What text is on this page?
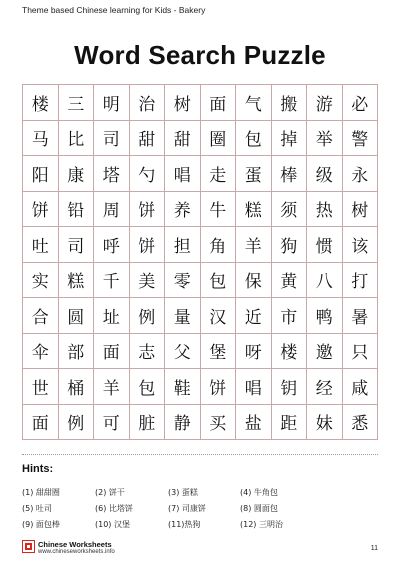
Theme based Chinese learning for Kids - Bakery
Word Search Puzzle
楼	三	明	治	树	面	气	搬	游	必
马	比	司	甜	甜	圈	包	掉	举	警
阳	康	塔	勺	唱	走	蛋	棒	级	永
饼	铅	周	饼	养	牛	糕	须	热	树
吐	司	呼	饼	担	角	羊	狗	惯	该
实	糕	千	美	零	包	保	黄	八	打
合	圆	址	例	量	汉	近	市	鸭	暑
伞	部	面	志	父	堡	呀	楼	邀	只
世	桶	羊	包	鞋	饼	唱	钥	经	咸
面	例	可	脏	静	买	盐	距	妹	悉
Hints:
(1) 甜甜圈	(2) 饼干	(3) 蛋糕	(4) 牛角包
(5) 吐司	(6) 比塔饼	(7) 司康饼	(8) 圆面包
(9) 面包棒	(10) 汉堡	(11)热狗	(12) 三明治
Chinese Worksheets
www.chineseworksheets.info	11
